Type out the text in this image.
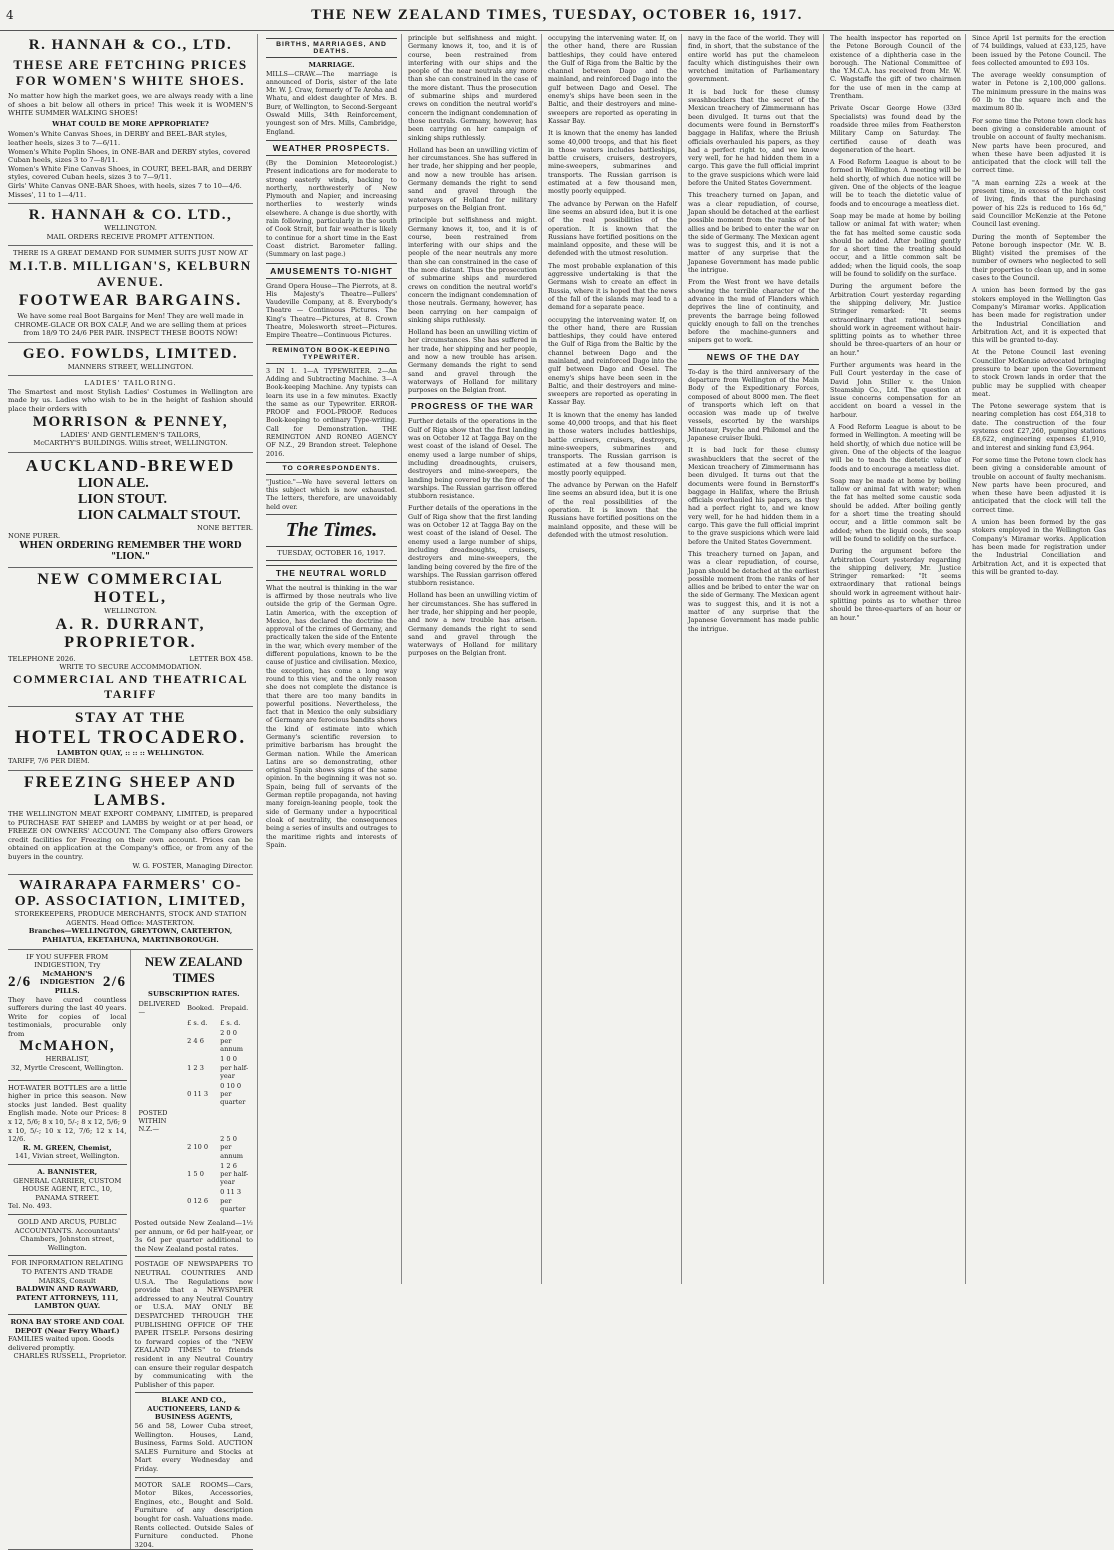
4	THE NEW ZEALAND TIMES, TUESDAY, OCTOBER 16, 1917.
R. HANNAH & CO., LTD.
THESE ARE FETCHING PRICES FOR WOMEN'S WHITE SHOES.
No matter how high the market goes, we are always ready with a line of shoes a bit below all others in price! This week it is WOMEN'S WHITE SUMMER WALKING SHOES!
WHAT COULD BE MORE APPROPRIATE?
Women's White Canvas Shoes, in DERBY and BEEL-BAR styles, leather heels, sizes 3 to 7—6/11.
Women's White Poplin Shoes, in ONE-BAR and DERBY styles, covered Cuban heels, sizes 3 to 7—8/11.
Women's White Fine Canvas Shoes, in COURT, BEEL-BAR, and DERBY styles, covered Cuban heels, sizes 3 to 7—9/11.
Girls' White Canvas ONE-BAR Shoes, with heels, sizes 7 to 10—4/6. Misses', 11 to 1—4/11.
R. HANNAH & CO. LTD.,
WELLINGTON.
MAIL ORDERS RECEIVE PROMPT ATTENTION.
THERE IS A GREAT DEMAND FOR SUMMER SUITS JUST NOW AT
M.I.T.B. MILLIGAN'S, KELBURN AVENUE.
FOOTWEAR BARGAINS.
We have some real Boot Bargains for Men! They are well made in CHROME-GLACE OR BOX CALF, And we are selling them at prices from 18/9 TO 24/6 PER PAIR. INSPECT THESE BOOTS NOW!
GEO. FOWLDS, LIMITED.
MANNERS STREET, WELLINGTON.
LADIES' TAILORING.
The Smartest and most Stylish Ladies' Costumes in Wellington are made by us. Ladies who wish to be in the height of fashion should place their orders with
MORRISON & PENNEY,
LADIES' AND GENTLEMEN'S TAILORS,
McCARTHY'S BUILDINGS. Willis street, WELLINGTON.
AUCKLAND-BREWED
LION ALE.
LION STOUT.
LION CALMALT STOUT.
NONE BETTER.
NONE PURER.
WHEN ORDERING REMEMBER THE WORD "LION."
NEW COMMERCIAL HOTEL,
WELLINGTON.
A. R. DURRANT, PROPRIETOR.
TELEPHONE 2026.	LETTER BOX 458.
WRITE TO SECURE ACCOMMODATION.
COMMERCIAL AND THEATRICAL TARIFF
STAY AT THE
HOTEL TROCADERO.
LAMBTON QUAY, :: :: :: WELLINGTON.
TARIFF, 7/6 PER DIEM.
FREEZING SHEEP AND LAMBS.
THE WELLINGTON MEAT EXPORT COMPANY, LIMITED, is prepared to PURCHASE FAT SHEEP and LAMBS by weight or at per head, or FREEZE ON OWNERS' ACCOUNT. The Company also offers Growers credit facilities for Freezing on their own account. Prices can be obtained on application at the Company's office, or from any of the buyers in the country.
W. G. FOSTER, Managing Director.
WAIRARAPA FARMERS' CO-OP. ASSOCIATION, LIMITED,
STOREKEEPERS, PRODUCE MERCHANTS, STOCK AND STATION AGENTS. Head Office: MASTERTON.
Branches—WELLINGTON, GREYTOWN, CARTERTON, PAHIATUA, EKETAHUNA, MARTINBOROUGH.
IF YOU SUFFER FROM INDIGESTION, Try
2/6
McMAHON'S INDIGESTION PILLS.
2/6
They have cured countless sufferers during the last 40 years. Write for copies of local testimonials, procurable only from
McMAHON,
HERBALIST,
32, Myrtle Crescent, Wellington.
HOT-WATER BOTTLES are a little higher in price this season. New stocks just landed. Best quality English made. Note our Prices: 8 x 12, 5/6; 8 x 10, 5/-; 8 x 12, 5/6; 9 x 10, 5/-; 10 x 12, 7/6; 12 x 14, 12/6.
R. M. GREEN, Chemist,
141, Vivian street, Wellington.
A. BANNISTER,
GENERAL CARRIER, CUSTOM HOUSE AGENT, ETC., 10, PANAMA STREET.
Tel. No. 493.
GOLD AND ARCUS, PUBLIC ACCOUNTANTS. Accountants' Chambers, Johnston street, Wellington.
FOR INFORMATION RELATING TO PATENTS AND TRADE MARKS, Consult
BALDWIN AND RAYWARD, PATENT ATTORNEYS, 111, LAMBTON QUAY.
RONA BAY STORE AND COAL DEPOT (Near Ferry Wharf.)
FAMILIES waited upon. Goods delivered promptly.
CHARLES RUSSELL, Proprietor.
NEW ZEALAND TIMES
SUBSCRIPTION RATES.
DELIVERED—	Booked.	Prepaid.
	£ s. d.	£ s. d.
	2 4 6	2 0 0 per annum
	1 2 3	1 0 0 per half-year
	0 11 3	0 10 0 per quarter
POSTED WITHIN N.Z.—		
	2 10 0	2 5 0 per annum
	1 5 0	1 2 6 per half-year
	0 12 6	0 11 3 per quarter
Posted outside New Zealand—1½ per annum, or 6d per half-year, or 3s 6d per quarter additional to the New Zealand postal rates.
POSTAGE OF NEWSPAPERS TO NEUTRAL COUNTRIES AND U.S.A. The Regulations now provide that a NEWSPAPER addressed to any Neutral Country or U.S.A. MAY ONLY BE DESPATCHED THROUGH THE PUBLISHING OFFICE OF THE PAPER ITSELF. Persons desiring to forward copies of the "NEW ZEALAND TIMES" to friends resident in any Neutral Country can ensure their regular despatch by communicating with the Publisher of this paper.
BLAKE AND CO., AUCTIONEERS, LAND & BUSINESS AGENTS,
56 and 58, Lower Cuba street, Wellington. Houses, Land, Business, Farms Sold. AUCTION SALES Furniture and Stocks at Mart every Wednesday and Friday.
MOTOR SALE ROOMS—Cars, Motor Bikes, Accessories, Engines, etc., Bought and Sold. Furniture of any description bought for cash. Valuations made. Rents collected. Outside Sales of Furniture conducted. Phone 3204.
BIRTHS, MARRIAGES, AND DEATHS.
MARRIAGE.

MILLS—CRAW.—The marriage is announced of Doris, sister of the late Mr. W. J. Craw, formerly of Te Aroha and Whatu, and eldest daughter of Mrs. B. Burr, of Wellington, to Second-Sergeant Oswald Mills, 34th Reinforcement, youngest son of Mrs. Mills, Cambridge, England.

WEATHER PROSPECTS.

(By the Dominion Meteorologist.) Present indications are for moderate to strong easterly winds, backing to northerly, northwesterly of New Plymouth and Napier, and increasing northerlies to westerly winds elsewhere. A change is due shortly, with rain following, particularly in the south of Cook Strait, but fair weather is likely to continue for a short time in the East Coast district. Barometer falling. (Summary on last page.)

AMUSEMENTS TO-NIGHT

Grand Opera House—The Pierrots, at 8. His Majesty's Theatre—Fullers' Vaudeville Company, at 8. Everybody's Theatre — Continuous Pictures. The King's Theatre—Pictures, at 8. Crown Theatre, Molesworth street—Pictures. Empire Theatre—Continuous Pictures.

REMINGTON BOOK-KEEPING TYPEWRITER.

3 IN 1. 1—A TYPEWRITER. 2—An Adding and Subtracting Machine. 3—A Book-keeping Machine. Any typists can learn its use in a few minutes. Exactly the same as our Typewriter. ERROR-PROOF and FOOL-PROOF. Reduces Book-keeping to ordinary Type-writing. Call for Demonstration. THE REMINGTON AND RONEO AGENCY OF N.Z., 29 Brandon street. Telephone 2016.

TO CORRESPONDENTS.

"Justice."—We have several letters on this subject which is now exhausted. The letters, therefore, are unavoidably held over.

The Times.
TUESDAY, OCTOBER 16, 1917.
THE NEUTRAL WORLD

What the neutral is thinking in the war is affirmed by those neutrals who live outside the grip of the German Ogre. Latin America, with the exception of Mexico, has declared the doctrine the approval of the crimes of Germany, and practically taken the side of the Entente in the war, which every member of the different populations, known to be the cause of justice and civilisation. Mexico, the exception, has come a long way round to this view, and the only reason she does not complete the distance is that there are too many bandits in powerful positions. Nevertheless, the fact that in Mexico the only subsidiary of Germany are ferocious bandits shows the kind of estimate into which Germany's scientific reversion to primitive barbarism has brought the German nation. While the American Latins are so demonstrating, other original Spain shows signs of the same opinion. In the beginning it was not so. Spain, being full of servants of the German reptile propaganda, not having many foreign-leaning people, took the side of Germany under a hypocritical cloak of neutrality, the consequences being a series of insults and outrages to the maritime rights and interests of Spain.

principle but selfishness and might. Germany knows it, too, and it is of course, been restrained from interfering with our ships and the people of the near neutrals any more than she can constrained in the case of the more distant. Thus the prosecution of submarine ships and murdered crews on condition the neutral world's concern the indignant condemnation of those neutrals. Germany, however, has been carrying on her campaign of sinking ships ruthlessly.

Holland has been an unwilling victim of her circumstances. She has suffered in her trade, her shipping and her people, and now a new trouble has arisen. Germany demands the right to send sand and gravel through the waterways of Holland for military purposes on the Belgian front.

principle but selfishness and might. Germany knows it, too, and it is of course, been restrained from interfering with our ships and the people of the near neutrals any more than she can constrained in the case of the more distant. Thus the prosecution of submarine ships and murdered crews on condition the neutral world's concern the indignant condemnation of those neutrals. Germany, however, has been carrying on her campaign of sinking ships ruthlessly.

Holland has been an unwilling victim of her circumstances. She has suffered in her trade, her shipping and her people, and now a new trouble has arisen. Germany demands the right to send sand and gravel through the waterways of Holland for military purposes on the Belgian front.

PROGRESS OF THE WAR

Further details of the operations in the Gulf of Riga show that the first landing was on October 12 at Tagga Bay on the west coast of the island of Oesel. The enemy used a large number of ships, including dreadnoughts, cruisers, destroyers and mine-sweepers, the landing being covered by the fire of the warships. The Russian garrison offered stubborn resistance.

Further details of the operations in the Gulf of Riga show that the first landing was on October 12 at Tagga Bay on the west coast of the island of Oesel. The enemy used a large number of ships, including dreadnoughts, cruisers, destroyers and mine-sweepers, the landing being covered by the fire of the warships. The Russian garrison offered stubborn resistance.

Holland has been an unwilling victim of her circumstances. She has suffered in her trade, her shipping and her people, and now a new trouble has arisen. Germany demands the right to send sand and gravel through the waterways of Holland for military purposes on the Belgian front.

occupying the intervening water. If, on the other hand, there are Russian battleships, they could have entered the Gulf of Riga from the Baltic by the channel between Dago and the mainland, and reinforced Dago into the gulf between Dago and Oesel. The enemy's ships have been seen in the Baltic, and their destroyers and mine-sweepers are reported as operating in Kassar Bay.

It is known that the enemy has landed some 40,000 troops, and that his fleet in those waters includes battleships, battle cruisers, cruisers, destroyers, mine-sweepers, submarines and transports. The Russian garrison is estimated at a few thousand men, mostly poorly equipped.

The advance by Perwan on the Hafelf line seems an absurd idea, but it is one of the real possibilities of the operation. It is known that the Russians have fortified positions on the mainland opposite, and these will be defended with the utmost resolution.

The most probable explanation of this aggressive undertaking is that the Germans wish to create an effect in Russia, where it is hoped that the news of the fall of the islands may lead to a demand for a separate peace.

occupying the intervening water. If, on the other hand, there are Russian battleships, they could have entered the Gulf of Riga from the Baltic by the channel between Dago and the mainland, and reinforced Dago into the gulf between Dago and Oesel. The enemy's ships have been seen in the Baltic, and their destroyers and mine-sweepers are reported as operating in Kassar Bay.

It is known that the enemy has landed some 40,000 troops, and that his fleet in those waters includes battleships, battle cruisers, cruisers, destroyers, mine-sweepers, submarines and transports. The Russian garrison is estimated at a few thousand men, mostly poorly equipped.

The advance by Perwan on the Hafelf line seems an absurd idea, but it is one of the real possibilities of the operation. It is known that the Russians have fortified positions on the mainland opposite, and these will be defended with the utmost resolution.

navy in the face of the world. They will find, in short, that the substance of the entire world has put the chameleon faculty which distinguishes their own wretched imitation of Parliamentary government.

It is bad luck for these clumsy swashbucklers that the secret of the Mexican treachery of Zimmermann has been divulged. It turns out that the documents were found in Bernstorff's baggage in Halifax, where the Briush officials overhauled his papers, as they had a perfect right to, and we know very well, for he had hidden them in a cargo. This gave the full official imprint to the grave suspicions which were laid before the United States Government.

This treachery turned on Japan, and was a clear repudiation, of course, Japan should be detached at the earliest possible moment from the ranks of her allies and be bribed to enter the war on the side of Germany. The Mexican agent was to suggest this, and it is not a matter of any surprise that the Japanese Government has made public the intrigue.

From the West front we have details showing the terrible character of the advance in the mud of Flanders which deprives the line of continuity, and prevents the barrage being followed quickly enough to fall on the trenches before the machine-gunners and snipers get to work.

NEWS OF THE DAY

To-day is the third anniversary of the departure from Wellington of the Main Body of the Expeditionary Forces, composed of about 8000 men. The fleet of transports which left on that occasion was made up of twelve vessels, escorted by the warships Minotaur, Psyche and Philomel and the Japanese cruiser Ibuki.

It is bad luck for these clumsy swashbucklers that the secret of the Mexican treachery of Zimmermann has been divulged. It turns out that the documents were found in Bernstorff's baggage in Halifax, where the Briush officials overhauled his papers, as they had a perfect right to, and we know very well, for he had hidden them in a cargo. This gave the full official imprint to the grave suspicions which were laid before the United States Government.

This treachery turned on Japan, and was a clear repudiation, of course, Japan should be detached at the earliest possible moment from the ranks of her allies and be bribed to enter the war on the side of Germany. The Mexican agent was to suggest this, and it is not a matter of any surprise that the Japanese Government has made public the intrigue.

The health inspector has reported on the Petone Borough Council of the existence of a diphtheria case in the borough. The National Committee of the Y.M.C.A. has received from Mr. W. C. Wagstaffe the gift of two chairmen for the use of men in the camp at Trentham.

Private Oscar George Howe (33rd Specialists) was found dead by the roadside three miles from Featherston Military Camp on Saturday. The certified cause of death was degeneration of the heart.

A Food Reform League is about to be formed in Wellington. A meeting will be held shortly, of which due notice will be given. One of the objects of the league will be to teach the dietetic value of foods and to encourage a meatless diet.

Soap may be made at home by boiling tallow or animal fat with water; when the fat has melted some caustic soda should be added. After boiling gently for a short time the treating should occur, and a little common salt be added; when the liquid cools, the soap will be found to solidify on the surface.

During the argument before the Arbitration Court yesterday regarding the shipping delivery, Mr. Justice Stringer remarked: "It seems extraordinary that rational beings should work in agreement without hair-splitting points as to whether three should be three-quarters of an hour or an hour."

Further arguments was heard in the Full Court yesterday in the case of David John Stiller v. the Union Steamship Co., Ltd. The question at issue concerns compensation for an accident on board a vessel in the harbour.

A Food Reform League is about to be formed in Wellington. A meeting will be held shortly, of which due notice will be given. One of the objects of the league will be to teach the dietetic value of foods and to encourage a meatless diet.

Soap may be made at home by boiling tallow or animal fat with water; when the fat has melted some caustic soda should be added. After boiling gently for a short time the treating should occur, and a little common salt be added; when the liquid cools, the soap will be found to solidify on the surface.

During the argument before the Arbitration Court yesterday regarding the shipping delivery, Mr. Justice Stringer remarked: "It seems extraordinary that rational beings should work in agreement without hair-splitting points as to whether three should be three-quarters of an hour or an hour."

Since April 1st permits for the erection of 74 buildings, valued at £33,125, have been issued by the Petone Council. The fees collected amounted to £93 10s.

The average weekly consumption of water in Petone is 2,100,000 gallons. The minimum pressure in the mains was 60 lb to the square inch and the maximum 80 lb.

For some time the Petone town clock has been giving a considerable amount of trouble on account of faulty mechanism. New parts have been procured, and when these have been adjusted it is anticipated that the clock will tell the correct time.

"A man earning 22s a week at the present time, in excess of the high cost of living, finds that the purchasing power of his 22s is reduced to 16s 6d," said Councillor McKenzie at the Petone Council last evening.

During the month of September the Petone borough inspector (Mr. W. B. Blight) visited the premises of the number of owners who neglected to sell their properties to clean up, and in some cases to the Council.

A union has been formed by the gas stokers employed in the Wellington Gas Company's Miramar works. Application has been made for registration under the Industrial Conciliation and Arbitration Act, and it is expected that this will be granted to-day.

At the Petone Council last evening Councillor McKenzie advocated bringing pressure to bear upon the Government to stock Crown lands in order that the public may be supplied with cheaper meat.

The Petone sewerage system that is nearing completion has cost £64,318 to date. The construction of the four systems cost £27,260, pumping stations £8,622, engineering expenses £1,910, and interest and sinking fund £3,964.

For some time the Petone town clock has been giving a considerable amount of trouble on account of faulty mechanism. New parts have been procured, and when these have been adjusted it is anticipated that the clock will tell the correct time.

A union has been formed by the gas stokers employed in the Wellington Gas Company's Miramar works. Application has been made for registration under the Industrial Conciliation and Arbitration Act, and it is expected that this will be granted to-day.
